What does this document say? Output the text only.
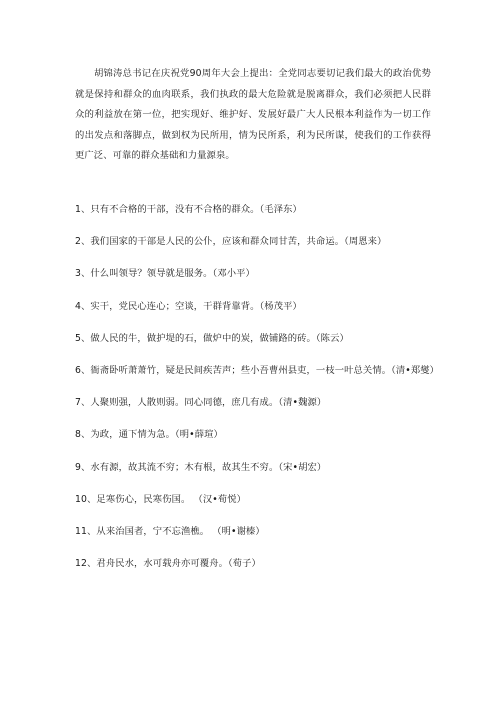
胡锦涛总书记在庆祝党90周年大会上提出：全党同志要切记我们最大的政治优势就是保持和群众的血肉联系，我们执政的最大危险就是脱离群众，我们必须把人民群众的利益放在第一位，把实现好、维护好、发展好最广大人民根本利益作为一切工作的出发点和落脚点，做到权为民所用，情为民所系，利为民所谋，使我们的工作获得更广泛、可靠的群众基础和力量源泉。

1、只有不合格的干部，没有不合格的群众。（毛泽东）
2、我们国家的干部是人民的公仆，应该和群众同甘苦，共命运。（周恩来）
3、什么叫领导？领导就是服务。（邓小平）
4、实干，党民心连心；空谈，干群背靠背。（杨茂平）
5、做人民的牛，做护堤的石，做炉中的炭，做铺路的砖。（陈云）
6、衙斋卧听萧萧竹，疑是民间疾苦声；些小吾曹州县吏，一枝一叶总关情。（清•郑燮）
7、人聚则强，人散则弱。同心同德，庶几有成。（清•魏源）
8、为政，通下情为急。（明•薛瑄）
9、水有源，故其流不穷；木有根，故其生不穷。（宋•胡宏）
10、足寒伤心，民寒伤国。 （汉•荀悦）
11、从来治国者，宁不忘渔樵。 （明•谢榛）
12、君舟民水，水可载舟亦可覆舟。（荀子）
